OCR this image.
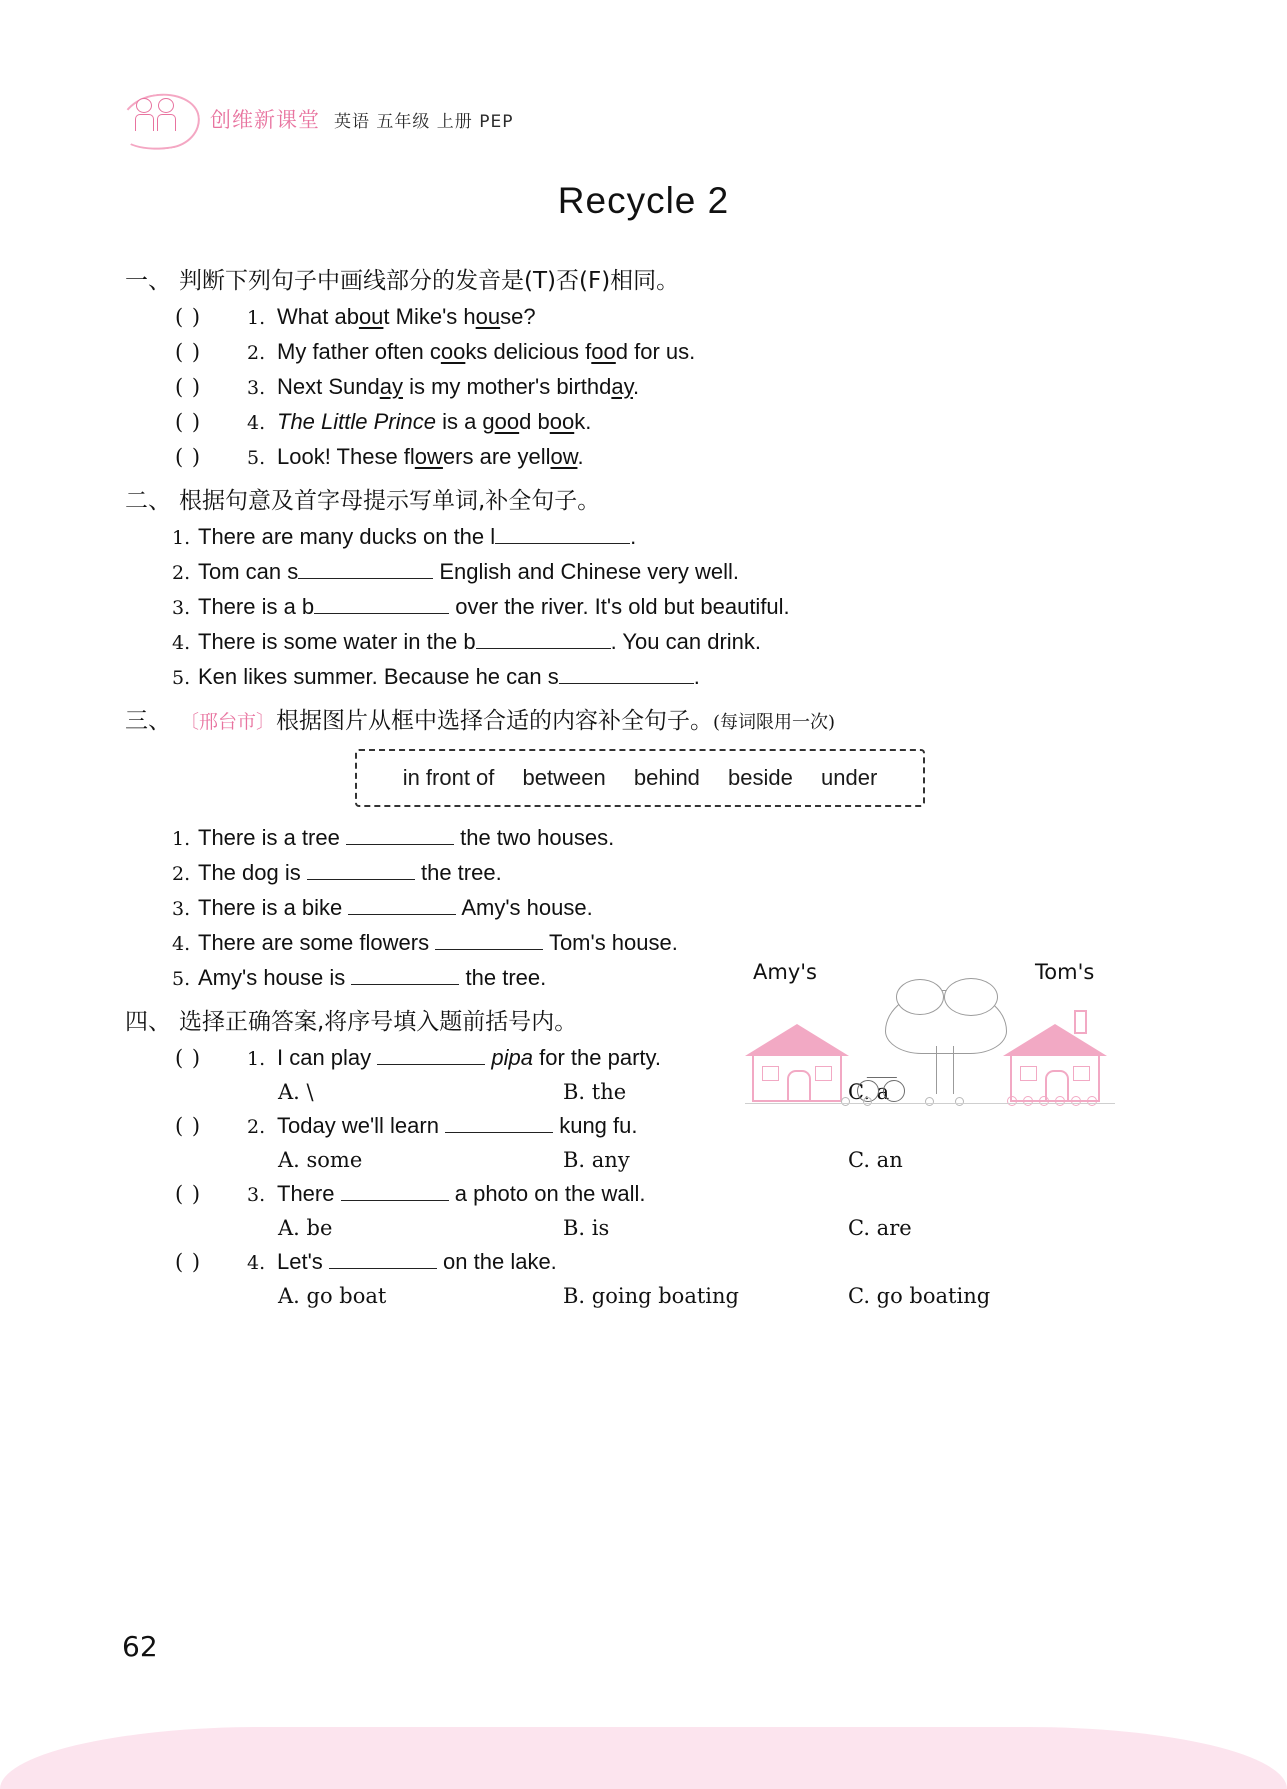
创维新课堂 英语 五年级 上册 PEP
Recycle 2
一、 判断下列句子中画线部分的发音是(T)否(F)相同。
( )	1. What about Mike's house?
( )	2. My father often cooks delicious food for us.
( )	3. Next Sunday is my mother's birthday.
( )	4. The Little Prince is a good book.
( )	5. Look! These flowers are yellow.
二、 根据句意及首字母提示写单词,补全句子。
1. There are many ducks on the l	.
2. Tom can s	English and Chinese very well.
3. There is a b	over the river. It's old but beautiful.
4. There is some water in the b	. You can drink.
5. Ken likes summer. Because he can s	.
三、 〔邢台市〕 根据图片从框中选择合适的内容补全句子。 (每词限用一次)
in front of between behind beside under
1. There is a tree	the two houses.
2. The dog is	the tree.
3. There is a bike	Amy's house.
4. There are some flowers	Tom's house.
5. Amy's house is	the tree.
四、 选择正确答案,将序号填入题前括号内。
( )	1. I can play	pipa for the party.
A. \	B. the	C. a
( )	2. Today we'll learn	kung fu.
A. some	B. any	C. an
( )	3. There	a photo on the wall.
A. be	B. is	C. are
( )	4. Let's	on the lake.
A. go boat	B. going boating	C. go boating
Amy's	Tom's
62
